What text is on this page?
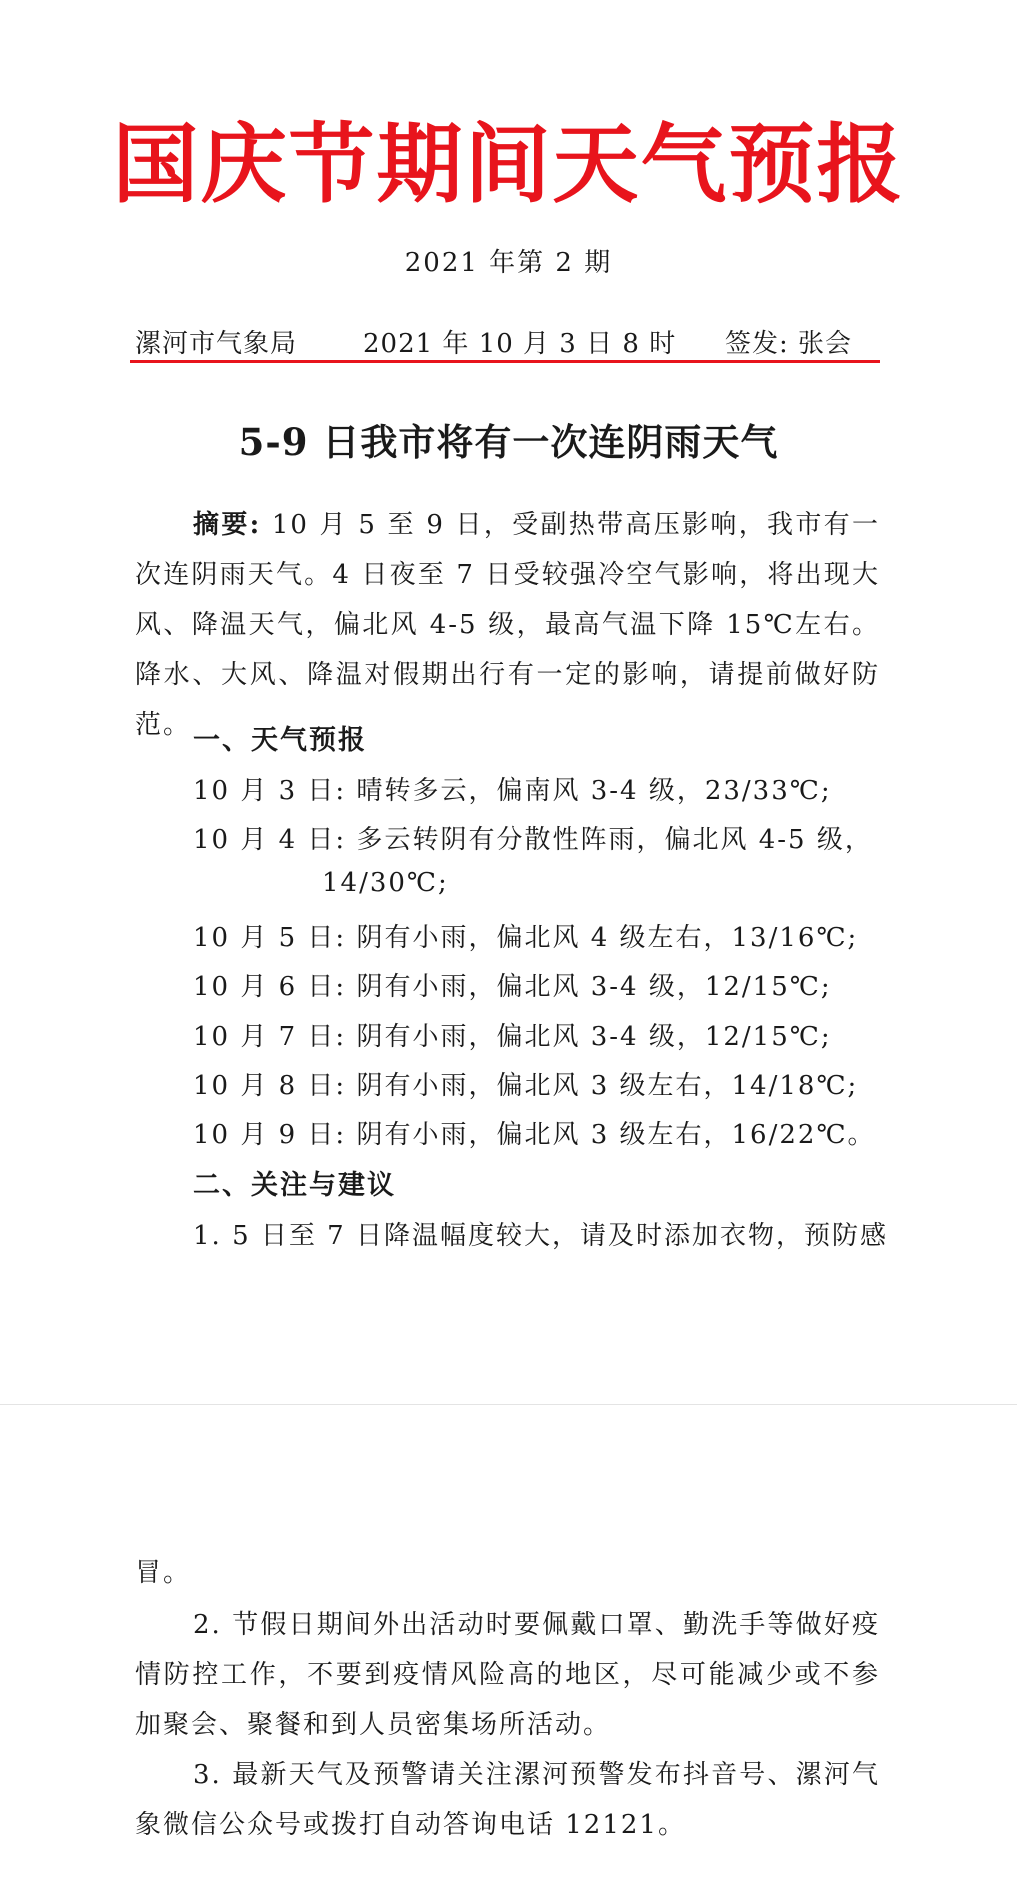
国庆节期间天气预报
2021 年第 2 期
漯河市气象局	2021 年 10 月 3 日 8 时 签发: 张会
5-9 日我市将有一次连阴雨天气
摘要: 10 月 5 至 9 日，受副热带高压影响，我市有一次连阴雨天气。4 日夜至 7 日受较强冷空气影响，将出现大风、降温天气，偏北风 4-5 级，最高气温下降 15℃左右。降水、大风、降温对假期出行有一定的影响，请提前做好防范。 一、天气预报
10 月 3 日: 晴转多云，偏南风 3-4 级，23/33℃;
10 月 4 日: 多云转阴有分散性阵雨，偏北风 4-5 级，
14/30℃;
10 月 5 日: 阴有小雨，偏北风 4 级左右，13/16℃;
10 月 6 日: 阴有小雨，偏北风 3-4 级，12/15℃;
10 月 7 日: 阴有小雨，偏北风 3-4 级，12/15℃;
10 月 8 日: 阴有小雨，偏北风 3 级左右，14/18℃;
10 月 9 日: 阴有小雨，偏北风 3 级左右，16/22℃。
二、关注与建议
1. 5 日至 7 日降温幅度较大，请及时添加衣物，预防感
冒。
2. 节假日期间外出活动时要佩戴口罩、勤洗手等做好疫情防控工作，不要到疫情风险高的地区，尽可能减少或不参加聚会、聚餐和到人员密集场所活动。
3. 最新天气及预警请关注漯河预警发布抖音号、漯河气象微信公众号或拨打自动答询电话 12121。
